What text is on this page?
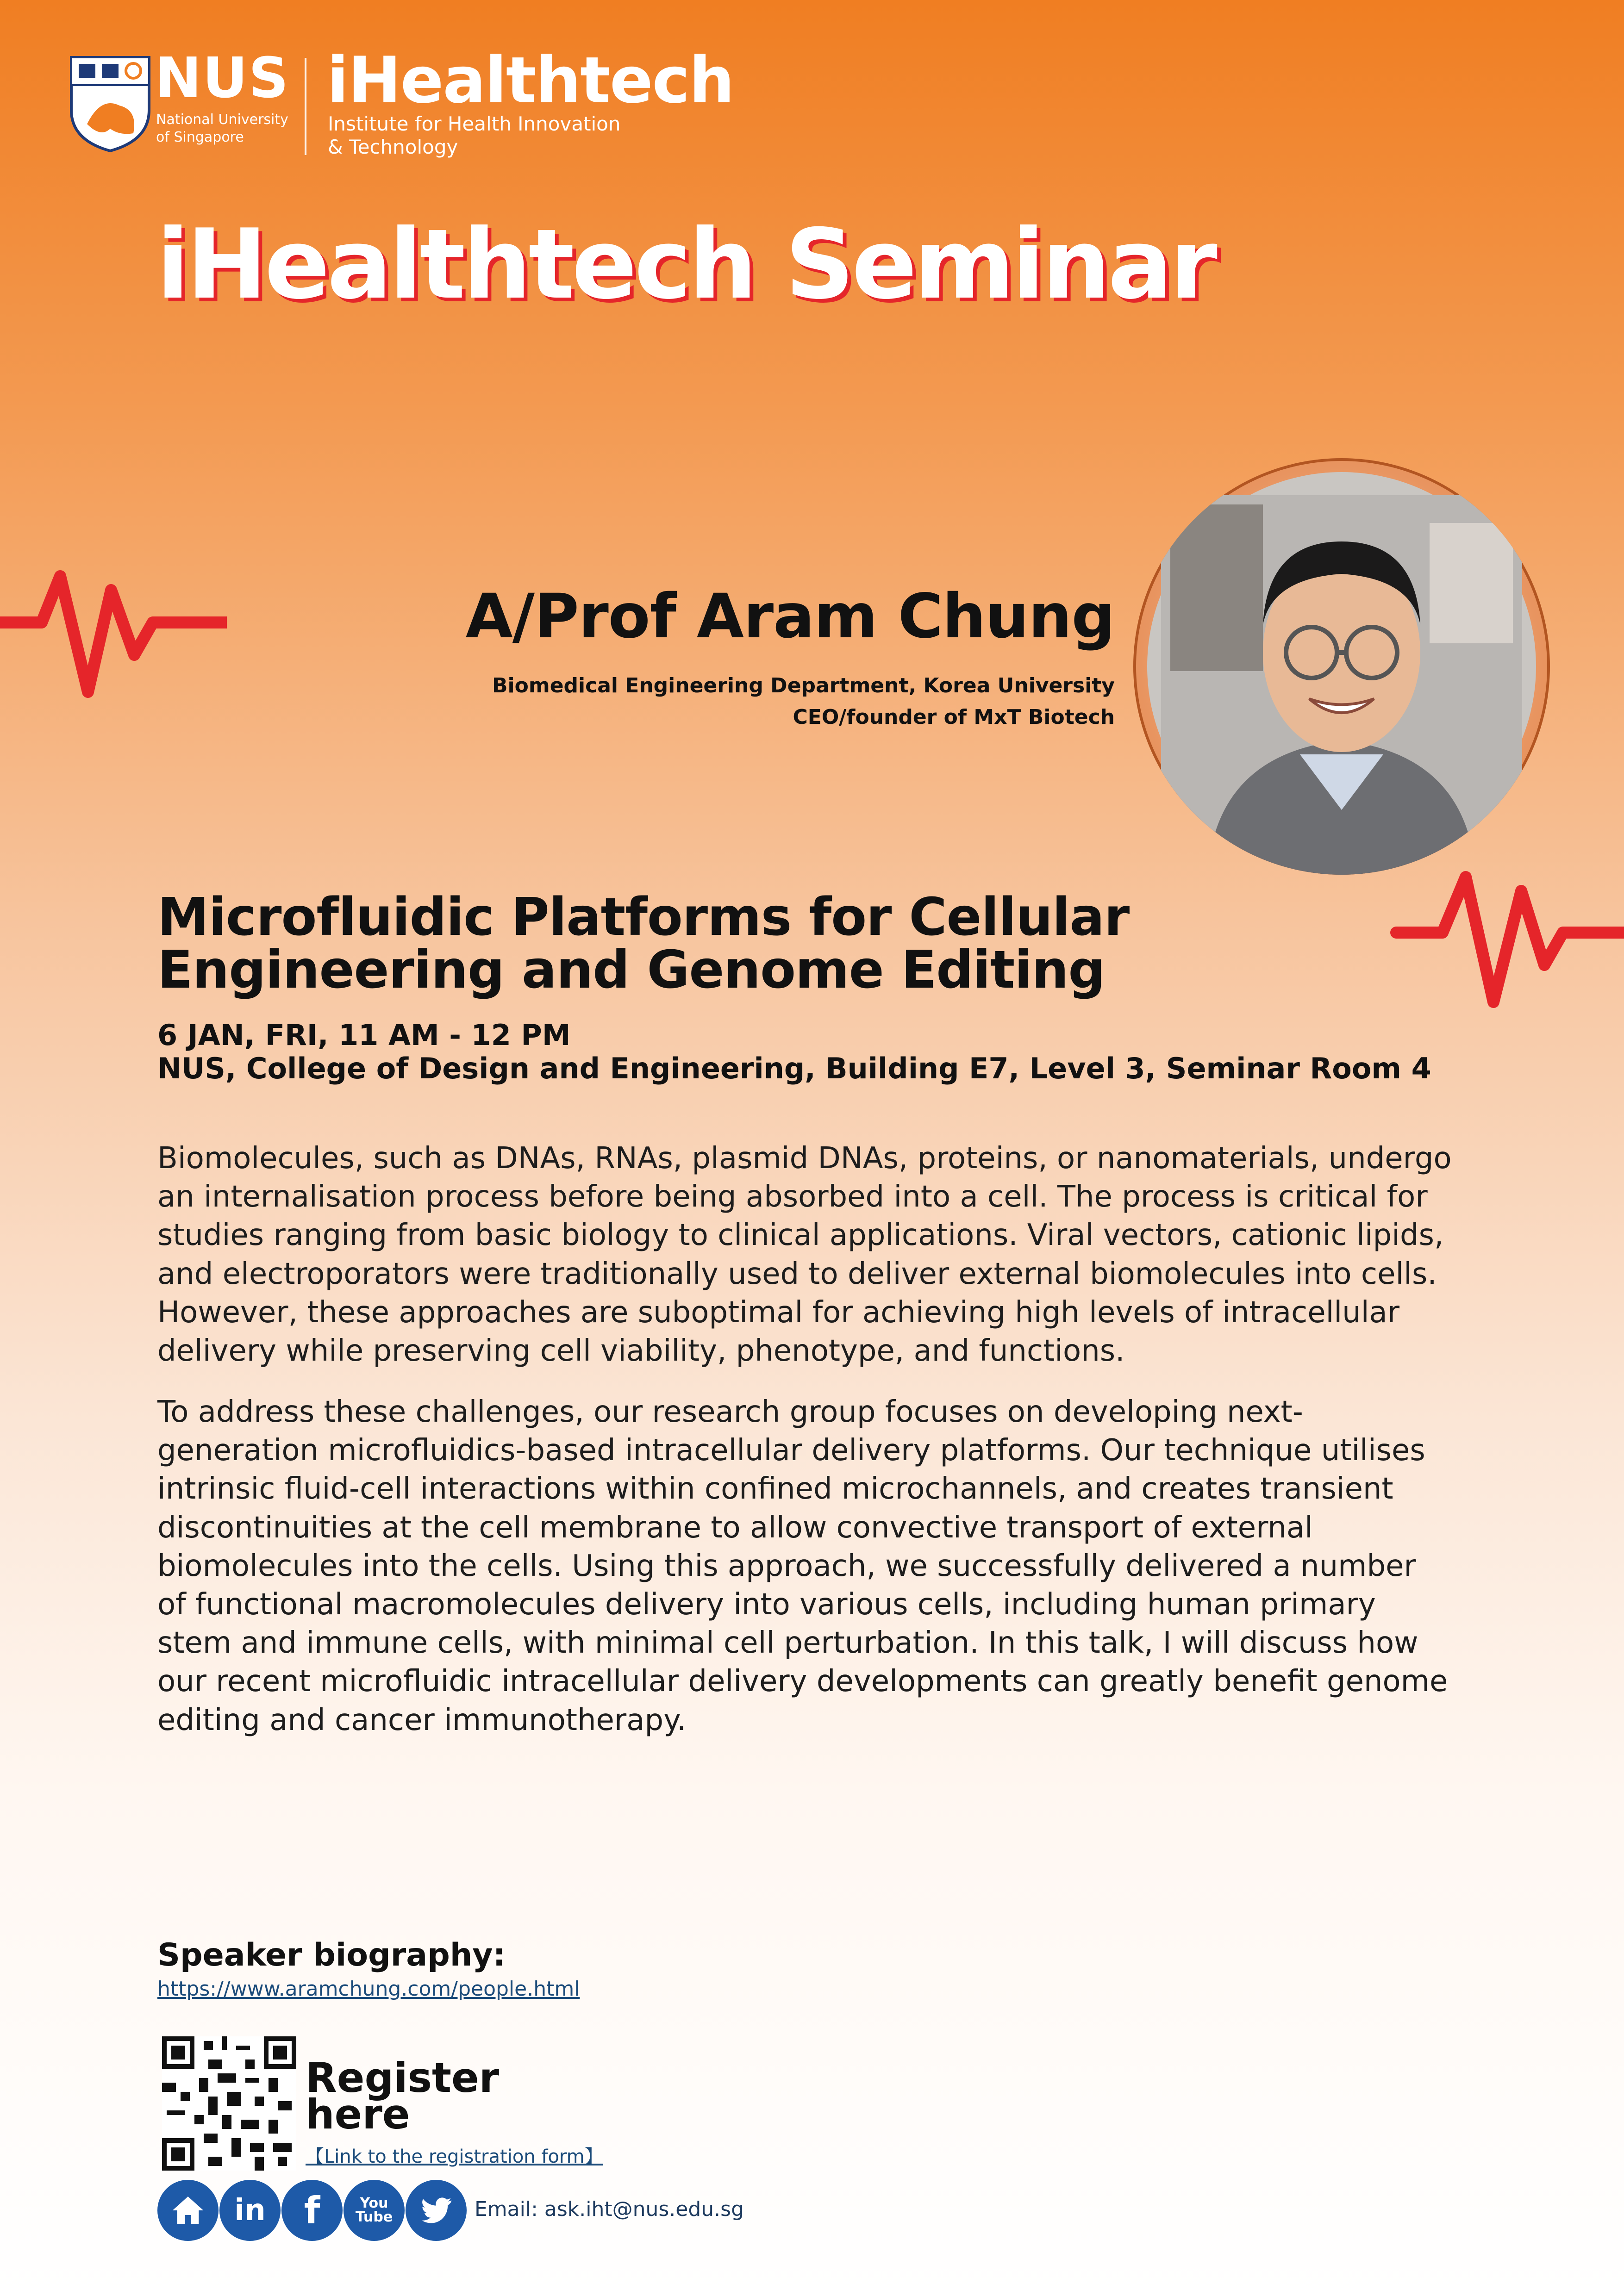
NUS
National University of Singapore
iHealthtech
Institute for Health Innovation
& Technology
iHealthtech Seminar
A/Prof Aram Chung
Biomedical Engineering Department, Korea University
CEO/founder of MxT Biotech
Microfluidic Platforms for Cellular Engineering and Genome Editing
6 JAN, FRI, 11 AM - 12 PM
NUS, College of Design and Engineering, Building E7, Level 3, Seminar Room 4
Biomolecules, such as DNAs, RNAs, plasmid DNAs, proteins, or nanomaterials, undergo an internalisation process before being absorbed into a cell. The process is critical for studies ranging from basic biology to clinical applications. Viral vectors, cationic lipids, and electroporators were traditionally used to deliver external biomolecules into cells. However, these approaches are suboptimal for achieving high levels of intracellular delivery while preserving cell viability, phenotype, and functions.
To address these challenges, our research group focuses on developing next-generation microfluidics-based intracellular delivery platforms. Our technique utilises intrinsic fluid-cell interactions within confined microchannels, and creates transient discontinuities at the cell membrane to allow convective transport of external biomolecules into the cells. Using this approach, we successfully delivered a number of functional macromolecules delivery into various cells, including human primary stem and immune cells, with minimal cell perturbation. In this talk, I will discuss how our recent microfluidic intracellular delivery developments can greatly benefit genome editing and cancer immunotherapy.
Speaker biography:
https://www.aramchung.com/people.html
Register
here
【Link to the registration form】
in	f	You
Tube	Email: ask.iht@nus.edu.sg
